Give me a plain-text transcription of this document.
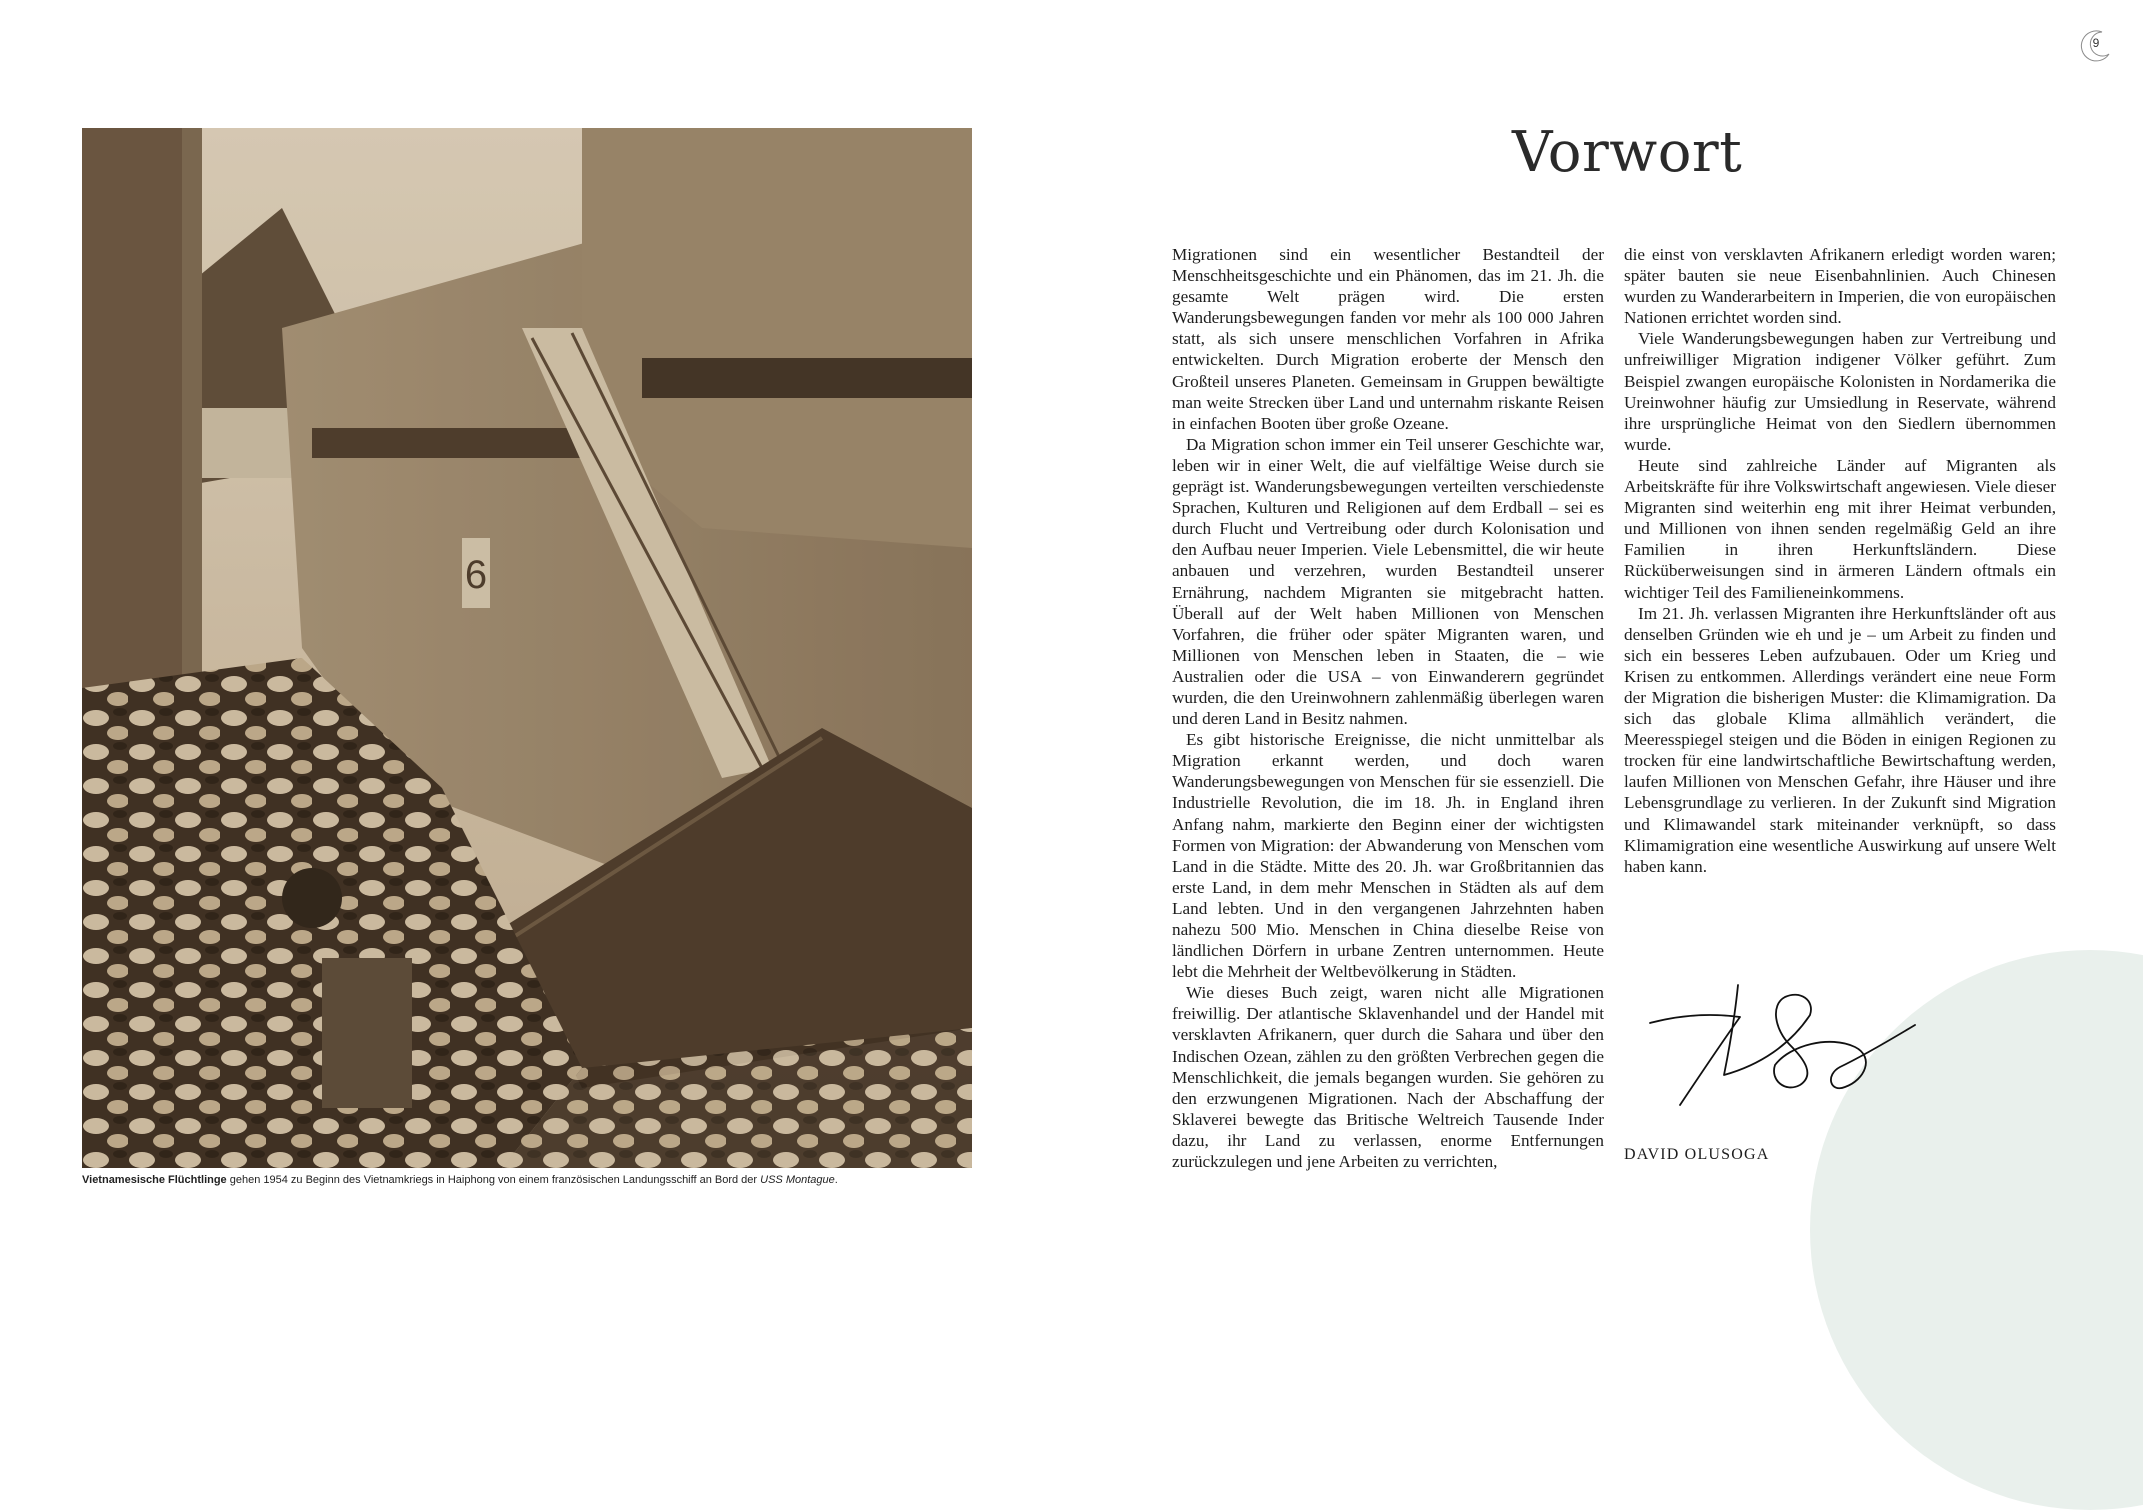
9
6
Vietnamesische Flüchtlinge gehen 1954 zu Beginn des Vietnamkriegs in Haiphong von einem französischen Landungsschiff an Bord der USS Montague.
Vorwort

Migrationen sind ein wesentlicher Bestandteil der Menschheitsgeschichte und ein Phänomen, das im 21. Jh. die gesamte Welt prägen wird. Die ersten Wanderungsbewegungen fanden vor mehr als 100 000 Jahren statt, als sich unsere menschlichen Vorfahren in Afrika entwickelten. Durch Migration eroberte der Mensch den Großteil unseres Planeten. Gemeinsam in Gruppen bewältigte man weite Strecken über Land und unternahm riskante Reisen in einfachen Booten über große Ozeane.

Da Migration schon immer ein Teil unserer Geschichte war, leben wir in einer Welt, die auf vielfältige Weise durch sie geprägt ist. Wanderungsbewegungen verteilten verschiedenste Sprachen, Kulturen und Religionen auf dem Erdball – sei es durch Flucht und Vertreibung oder durch Kolonisation und den Aufbau neuer Imperien. Viele Lebensmittel, die wir heute anbauen und verzehren, wurden Bestandteil unserer Ernährung, nachdem Migranten sie mitgebracht hatten. Überall auf der Welt haben Millionen von Menschen Vorfahren, die früher oder später Migranten waren, und Millionen von Menschen leben in Staaten, die – wie Australien oder die USA – von Einwanderern gegründet wurden, die den Ureinwohnern zahlenmäßig überlegen waren und deren Land in Besitz nahmen.

Es gibt historische Ereignisse, die nicht unmittelbar als Migration erkannt werden, und doch waren Wanderungsbewegungen von Menschen für sie essenziell. Die Industrielle Revolution, die im 18. Jh. in England ihren Anfang nahm, markierte den Beginn einer der wichtigsten Formen von Migration: der Abwanderung von Menschen vom Land in die Städte. Mitte des 20. Jh. war Großbritannien das erste Land, in dem mehr Menschen in Städten als auf dem Land lebten. Und in den vergangenen Jahrzehnten haben nahezu 500 Mio. Menschen in China dieselbe Reise von ländlichen Dörfern in urbane Zentren unternommen. Heute lebt die Mehrheit der Weltbevölkerung in Städten.

Wie dieses Buch zeigt, waren nicht alle Migrationen freiwillig. Der atlantische Sklavenhandel und der Handel mit versklavten Afrikanern, quer durch die Sahara und über den Indischen Ozean, zählen zu den größten Verbrechen gegen die Menschlichkeit, die jemals begangen wurden. Sie gehören zu den erzwungenen Migrationen. Nach der Abschaffung der Sklaverei bewegte das Britische Weltreich Tausende Inder dazu, ihr Land zu verlassen, enorme Entfernungen zurückzulegen und jene Arbeiten zu verrichten,

die einst von versklavten Afrikanern erledigt worden waren; später bauten sie neue Eisenbahnlinien. Auch Chinesen wurden zu Wanderarbeitern in Imperien, die von europäischen Nationen errichtet worden sind.

Viele Wanderungsbewegungen haben zur Vertreibung und unfreiwilliger Migration indigener Völker geführt. Zum Beispiel zwangen europäische Kolonisten in Nordamerika die Ureinwohner häufig zur Umsiedlung in Reservate, während ihre ursprüngliche Heimat von den Siedlern übernommen wurde.

Heute sind zahlreiche Länder auf Migranten als Arbeitskräfte für ihre Volkswirtschaft angewiesen. Viele dieser Migranten sind weiterhin eng mit ihrer Heimat verbunden, und Millionen von ihnen senden regelmäßig Geld an ihre Familien in ihren Herkunftsländern. Diese Rücküberweisungen sind in ärmeren Ländern oftmals ein wichtiger Teil des Familieneinkommens.

Im 21. Jh. verlassen Migranten ihre Herkunftsländer oft aus denselben Gründen wie eh und je – um Arbeit zu finden und sich ein besseres Leben aufzubauen. Oder um Krieg und Krisen zu entkommen. Allerdings verändert eine neue Form der Migration die bisherigen Muster: die Klimamigration. Da sich das globale Klima allmählich verändert, die Meeresspiegel steigen und die Böden in einigen Regionen zu trocken für eine landwirtschaftliche Bewirtschaftung werden, laufen Millionen von Menschen Gefahr, ihre Häuser und ihre Lebensgrundlage zu verlieren. In der Zukunft sind Migration und Klimawandel stark miteinander verknüpft, so dass Klimamigration eine wesentliche Auswirkung auf unsere Welt haben kann.

DAVID OLUSOGA
